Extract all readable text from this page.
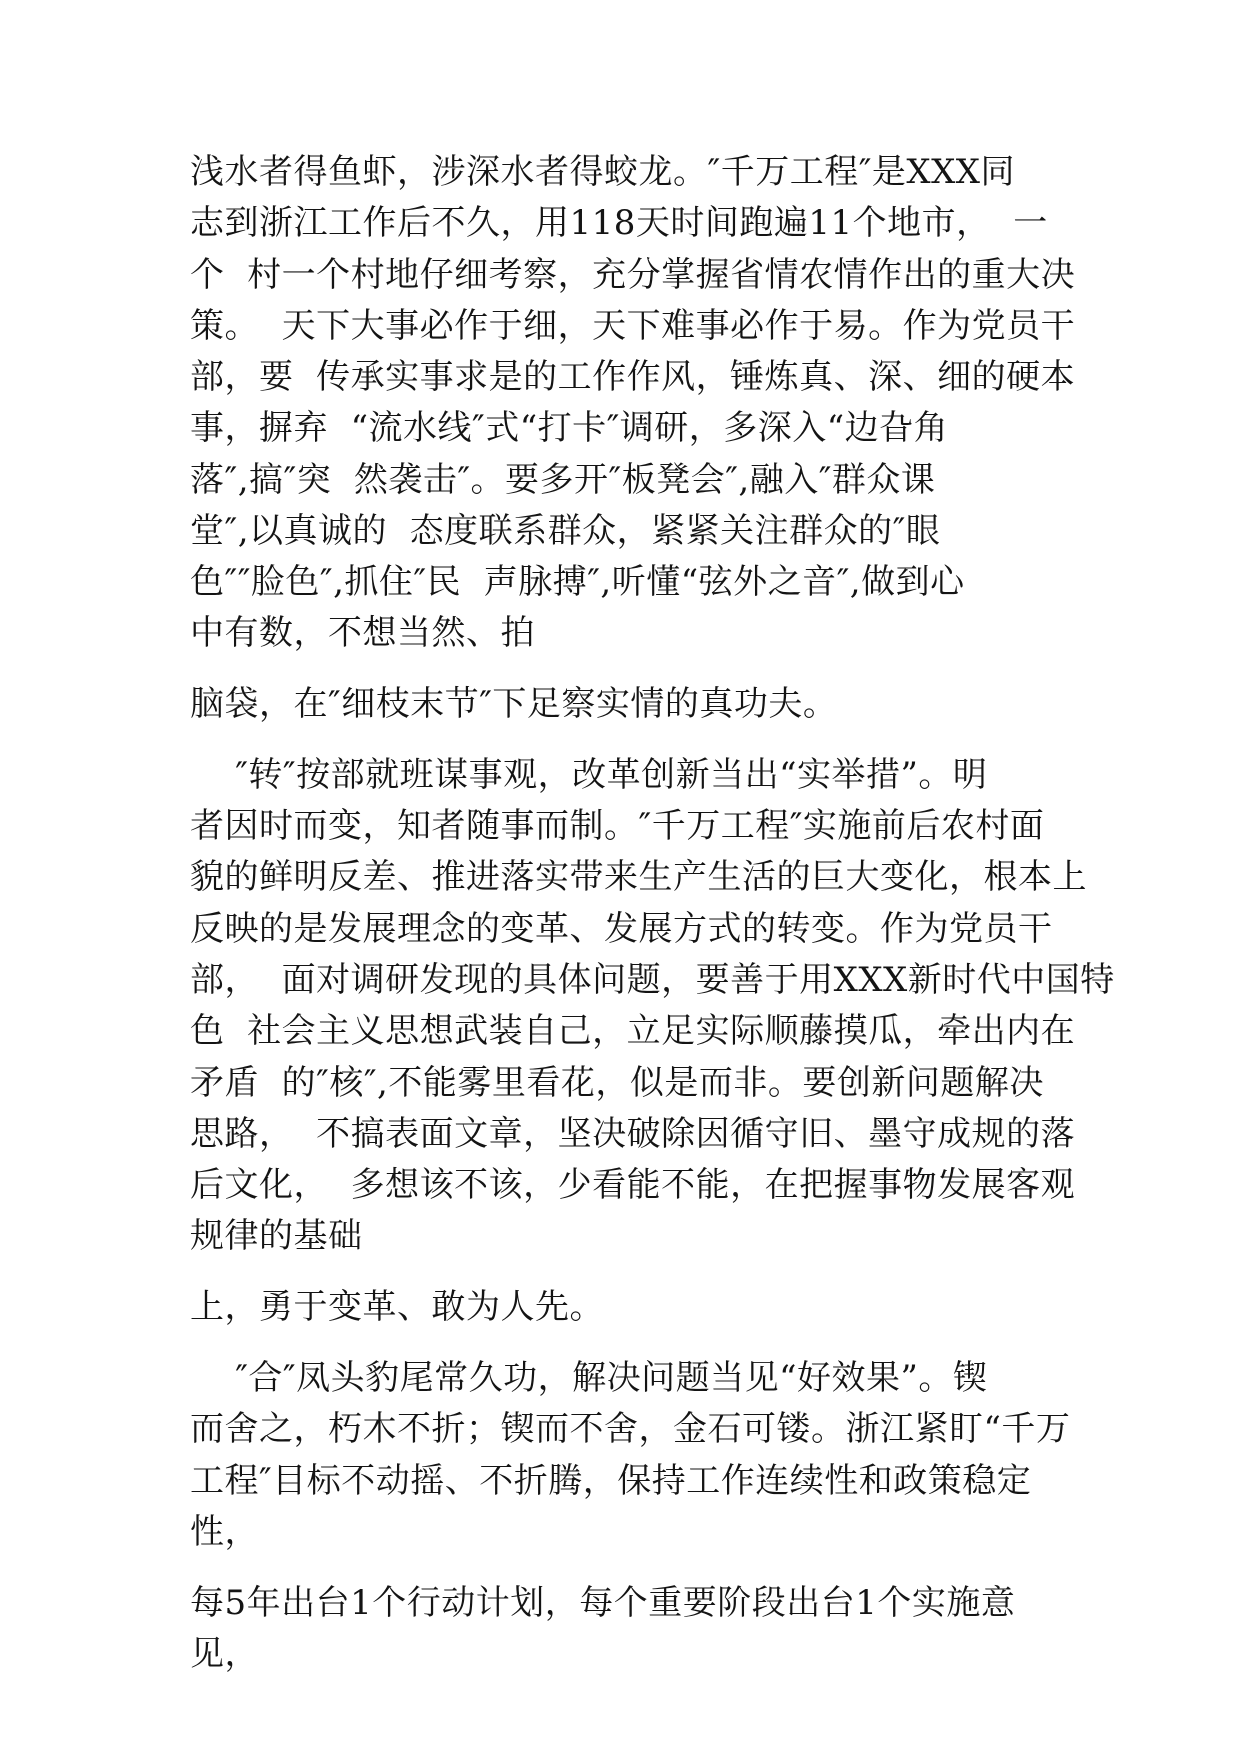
浅水者得鱼虾，涉深水者得蛟龙。″千万工程″是XXX同
志到浙江工作后不久，用118天时间跑遍11个地市，  一
个  村一个村地仔细考察，充分掌握省情农情作出的重大决
策。  天下大事必作于细，天下难事必作于易。作为党员干
部，要  传承实事求是的工作作风，锤炼真、深、细的硬本
事，摒弃  “流水线″式“打卡″调研，多深入“边旮角
落″,搞″突  然袭击″。要多开″板凳会″,融入″群众课
堂″,以真诚的  态度联系群众，紧紧关注群众的″眼
色″″脸色″,抓住″民  声脉搏″,听懂“弦外之音″,做到心
中有数，不想当然、拍
脑袋，在″细枝末节″下足察实情的真功夫。
″转″按部就班谋事观，改革创新当出“实举措”。明
者因时而变，知者随事而制。″千万工程″实施前后农村面
貌的鲜明反差、推进落实带来生产生活的巨大变化，根本上
反映的是发展理念的变革、发展方式的转变。作为党员干
部，  面对调研发现的具体问题，要善于用XXX新时代中国特
色  社会主义思想武装自己，立足实际顺藤摸瓜，牵出内在
矛盾  的″核″,不能雾里看花，似是而非。要创新问题解决
思路，  不搞表面文章，坚决破除因循守旧、墨守成规的落
后文化，  多想该不该，少看能不能，在把握事物发展客观
规律的基础
上，勇于变革、敢为人先。
″合″凤头豹尾常久功，解决问题当见“好效果”。锲
而舍之，朽木不折；锲而不舍，金石可镂。浙江紧盯“千万
工程″目标不动摇、不折腾，保持工作连续性和政策稳定
性，
每5年出台1个行动计划，每个重要阶段出台1个实施意
见，
